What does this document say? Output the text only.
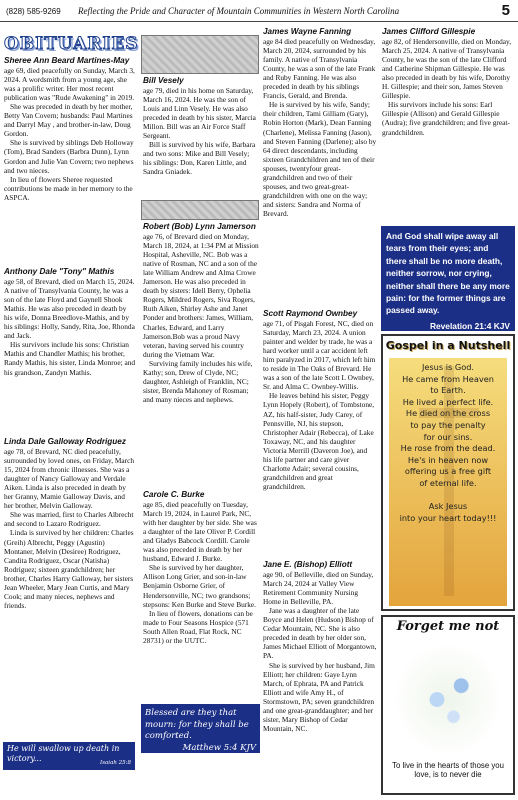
(828) 585-9269 Reflecting the Pride and Character of Mountain Communities in Western North Carolina	5
OBITUARIES
Sheree Ann Beard Martines-May

age 69, died peacefully on Sunday, March 3, 2024. A wordsmith from a young age, she was a prolific writer. Her most recent publication was "Rude Awakening" in 2019.

She was preceded in death by her mother, Betty Van Covern; husbands: Paul Martines and Darryl May , and brother-in-law, Doug Gordon.

She is survived by siblings Deb Holloway (Tom), Brad Sanders (Barbra Dunn), Lynn Gordon and Julie Van Covern; two nephews and two nieces.

In lieu of flowers Sheree requested contributions be made in her memory to the ASPCA.

Anthony Dale "Tony" Mathis

age 58, of Brevard, died on March 15, 2024. A native of Transylvania County, he was a son of the late Floyd and Gaynell Shook Mathis. He was also preceded in death by his wife, Donna Breedlove-Mathis, and by his siblings: Holly, Sandy, Rita, Joe, Rhonda and Jack.

His survivors include his sons: Christian Mathis and Chandler Mathis; his brother, Randy Mathis, his sister, Linda Monroe; and his grandson, Zandyn Mathis.

Linda Dale Galloway Rodriguez

age 78, of Brevard, NC died peacefully, surrounded by loved ones, on Friday, March 15, 2024 from chronic illnesses. She was a daughter of Nancy Galloway and Verdale Aiken. Linda is also preceded in death by her Granny, Mamie Galloway Davis, and her brother, Melvin Galloway.

She was married, first to Charles Albrecht and second to Lazaro Rodriguez.

Linda is survived by her children: Charles (Greih) Albrecht, Peggy (Agustin) Montaner, Melvin (Desiree) Rodriguez, Candita Rodriguez, Oscar (Natisha) Rodriguez; sixteen grandchildren; her brother, Charles Harry Galloway, her sisters Jean Wheeler, Mary Jean Curtis, and Mary Cook; and many nieces, nephews and friends.

He will swallow up death in victory...	Isaiah 25:8
Bill Vesely

age 79, died in his home on Saturday, March 16, 2024. He was the son of Louis and Linn Vesely. He was also preceded in death by his sister, Marcia Millon. Bill was an Air Force Staff Sergeant.

Bill is survived by his wife, Barbara and two sons: Mike and Bill Vesely; his siblings: Don, Karen Little, and Sandra Gniadek.

Robert (Bob) Lynn Jamerson

age 76, of Brevard died on Monday, March 18, 2024, at 1:34 PM at Mission Hospital, Asheville, NC. Bob was a native of Rosman, NC and a son of the late William Andrew and Alma Crowe Jamerson. He was also preceded in death by sisters: Idell Berry, Ophelia Rogers, Mildred Rogers, Siva Rogers, Ruth Aiken, Shirley Ashe and Janet Ponder and brothers: James, William, Charles, Edward, and Larry Jamerson.Bob was a proud Navy veteran, having served his country during the Vietnam War.

Surviving family includes his wife, Kathy; son, Drew of Clyde, NC; daughter, Ashleigh of Franklin, NC; sister, Brenda Mahoney of Rosman; and many nieces and nephews.

Carole C. Burke

age 85, died peacefully on Tuesday, March 19, 2024, in Laurel Park, NC, with her daughter by her side. She was a daughter of the late Oliver P. Cordill and Gladys Babcock Cordill. Carole was also preceded in death by her husband, Edward J. Burke.

She is survived by her daughter, Allison Long Grier, and son-in-law Benjamin Osborne Grier, of Hendersonville, NC; two grandsons; stepsons: Ken Burke and Steve Burke.

In lieu of flowers, donations can be made to Four Seasons Hospice (571 South Allen Road, Flat Rock, NC 28731) or the UUTC.

Blessed are they that mourn: for they shall be comforted.
Matthew 5:4 KJV
James Wayne Fanning

age 84 died peacefully on Wednesday, March 20, 2024, surrounded by his family. A native of Transylvania County, he was a son of the late Frank and Ruby Fanning. He was also preceded in death by his siblings Francis, Gerald, and Brenda.

He is survived by his wife, Sandy; their children, Tami Gilliam (Gary), Robin Horton (Mark), Dean Fanning (Charlene), Melissa Fanning (Jason), and Steven Fanning (Darlene); also by 64 direct descendants, including sixteen Grandchildren and ten of their spouses, twentyfour great-grandchildren and two of their spouses, and two great-great-grandchildren with one on the way; and sisters: Sandra and Norma of Brevard.

Scott Raymond Ownbey

age 71, of Pisgah Forest, NC, died on Saturday, March 23, 2024. A union painter and welder by trade, he was a hard worker until a car accident left him paralyzed in 2017, which left him to reside in The Oaks of Brevard. He was a son of the late Scott L Ownbey, Sr. and Alma C. Ownbey-Willis.

He leaves behind his sister, Peggy Lynn Hopely (Robert), of Tombstone, AZ, his half-sister, Judy Carey, of Pennsville, NJ, his stepson, Christopher Adair (Rebecca), of Lake Toxaway, NC, and his daughter Victoria Merrill (Daveron Joe), and his life partner and care giver Charlotte Adair; several cousins, grandchildren and great grandchildren.

Jane E. (Bishop) Elliott

age 90, of Belleville, died on Sunday, March 24, 2024 at Valley View Retirement Community Nursing Home in Belleville, PA.

Jane was a daughter of the late Boyce and Helen (Hudson) Bishop of Cedar Mountain, NC. She is also preceded in death by her older son, James Michael Elliott of Morgantown, PA.

She is survived by her husband, Jim Elliott; her children: Gaye Lynn March, of Ephrata, PA and Patrick Elliott and wife Amy H., of Stormstown, PA; seven grandchildren and one great-granddaughter; and her sister, Mary Bishop of Cedar Mountain, NC.

James Clifford Gillespie

age 82, of Hendersonville, died on Monday, March 25, 2024. A native of Transylvania County, he was the son of the late Clifford and Catherine Shipman Gillespie. He was also preceded in death by his wife, Dorothy H. Gillespie; and their son, James Steven Gillespie.

His survivors include his sons: Earl Gillespie (Allison) and Gerald Gillespie (Audra); five grandchildren; and five great-grandchildren.

And God shall wipe away all tears from their eyes; and there shall be no more death, neither sorrow, nor crying, neither shall there be any more pain: for the former things are passed away.
Revelation 21:4 KJV
Gospel in a Nutshell
Jesus is God.
He came from Heaven
to Earth.
He lived a perfect life.
He died on the cross
to pay the penalty
for our sins.
He rose from the dead.
He's in heaven now
offering us a free gift
of eternal life.
Ask Jesus
into your heart today!!!
Forget me not
To live in the hearts of those you love, is to never die
